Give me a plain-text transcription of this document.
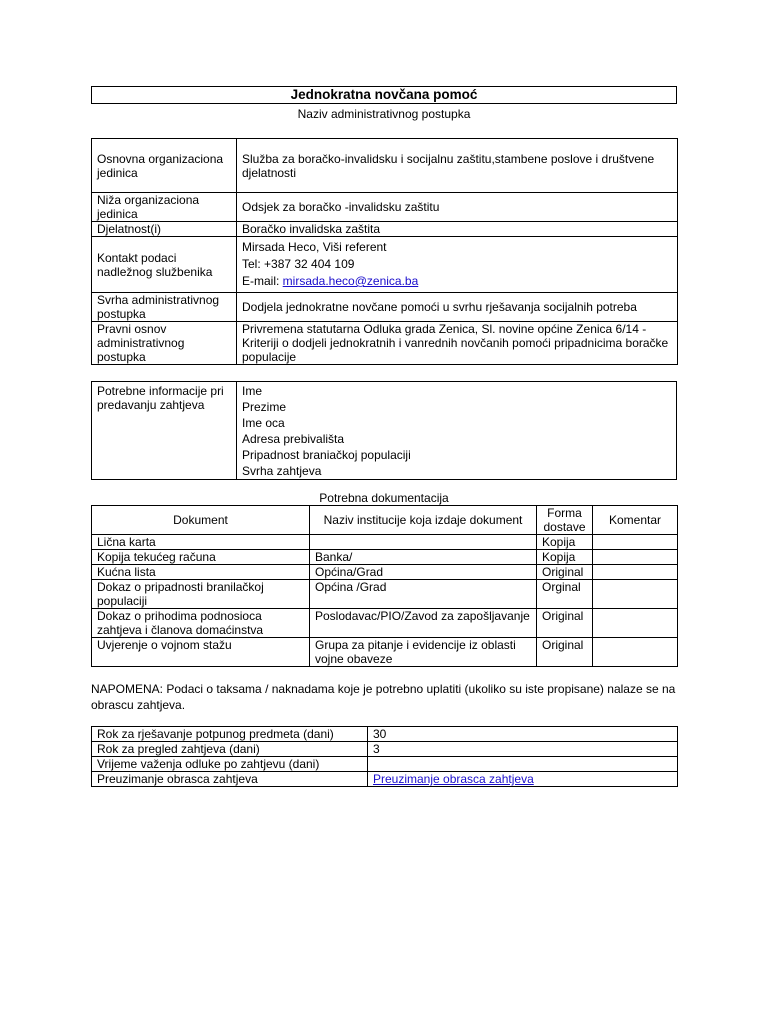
Jednokratna novčana pomoć
Naziv administrativnog postupka
Osnovna organizaciona jedinica	Služba za boračko-invalidsku i socijalnu zaštitu,stambene poslove i društvene djelatnosti
Niža organizaciona jedinica	Odsjek za boračko -invalidsku zaštitu
Djelatnost(i)	Boračko invalidska zaštita
Kontakt podaci nadležnog službenika	Mirsada Heco, Viši referent
Tel: +387 32 404 109
E-mail: mirsada.heco@zenica.ba

Svrha administrativnog postupka	Dodjela jednokratne novčane pomoći u svrhu rješavanja socijalnih potreba
Pravni osnov administrativnog postupka	Privremena statutarna Odluka grada Zenica, Sl. novine općine Zenica 6/14 - Kriteriji o dodjeli jednokratnih i vanrednih novčanih pomoći pripadnicima boračke populacije
Potrebne informacije pri predavanju zahtjeva	
Ime
Prezime
Ime oca
Adresa prebivališta
Pripadnost braniačkoj populaciji
Svrha zahtjeva
Potrebna dokumentacija
Dokument	Naziv institucije koja izdaje dokument	Forma dostave	Komentar
Lična karta		Kopija	
Kopija tekućeg računa	Banka/	Kopija	
Kućna lista	Općina/Grad	Original	
Dokaz o pripadnosti branilačkoj populaciji	Općina /Grad	Orginal	
Dokaz o prihodima podnosioca zahtjeva i članova domaćinstva	Poslodavac/PIO/Zavod za zapošljavanje	Original	
Uvjerenje o vojnom stažu	Grupa za pitanje i evidencije iz oblasti vojne obaveze	Original	
NAPOMENA: Podaci o taksama / naknadama koje je potrebno uplatiti (ukoliko su iste propisane) nalaze se na obrascu zahtjeva.
Rok za rješavanje potpunog predmeta (dani)	30
Rok za pregled zahtjeva (dani)	3
Vrijeme važenja odluke po zahtjevu (dani)	
Preuzimanje obrasca zahtjeva	Preuzimanje obrasca zahtjeva
